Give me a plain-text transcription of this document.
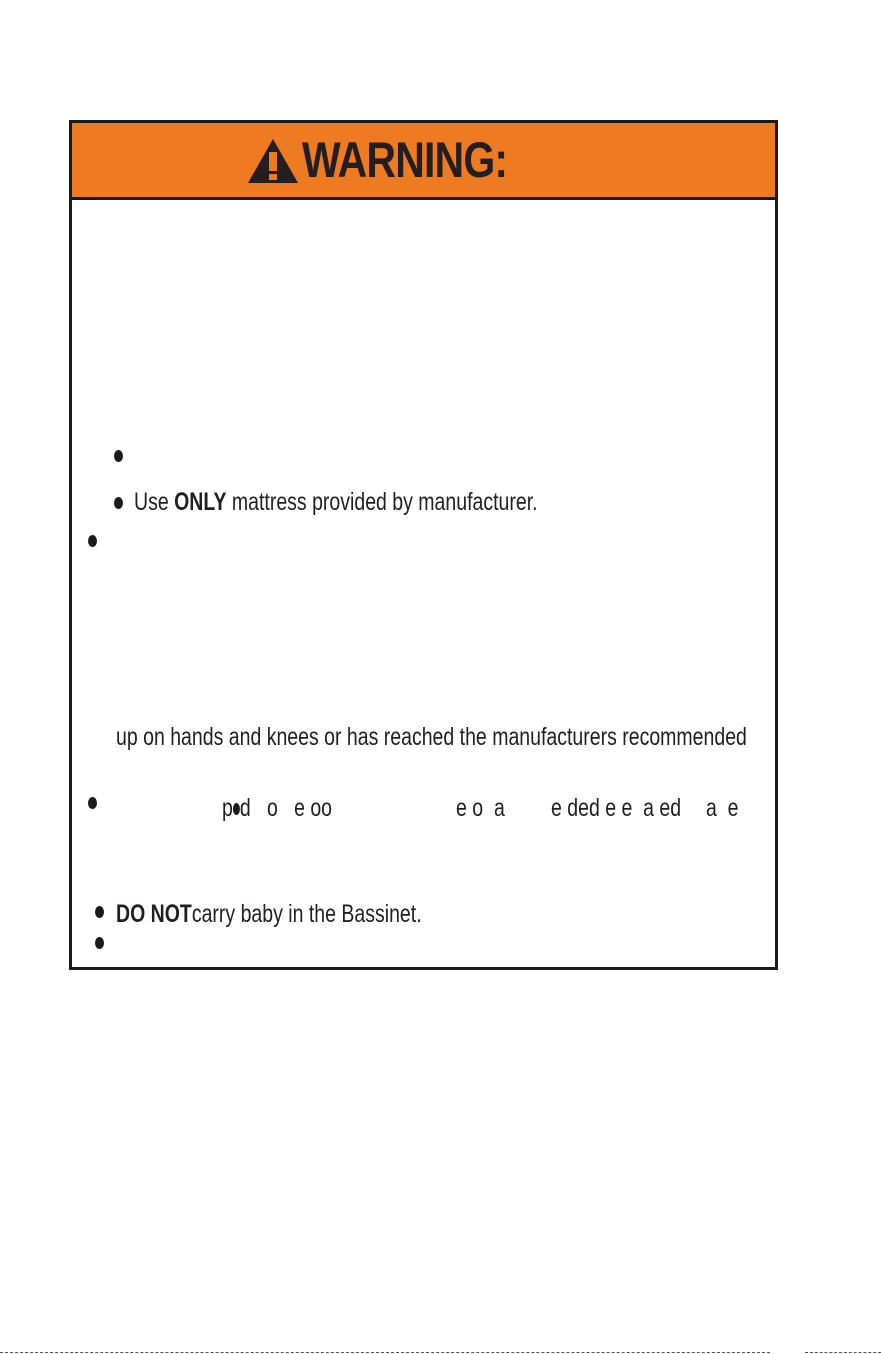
WARNING:
Use ONLY mattress provided by manufacturer.
up on hands and knees or has reached the manufacturers recommended
p d   o   e oo	e o  a e ded e e  a ed a  e
DO NOTcarry baby in the Bassinet.
